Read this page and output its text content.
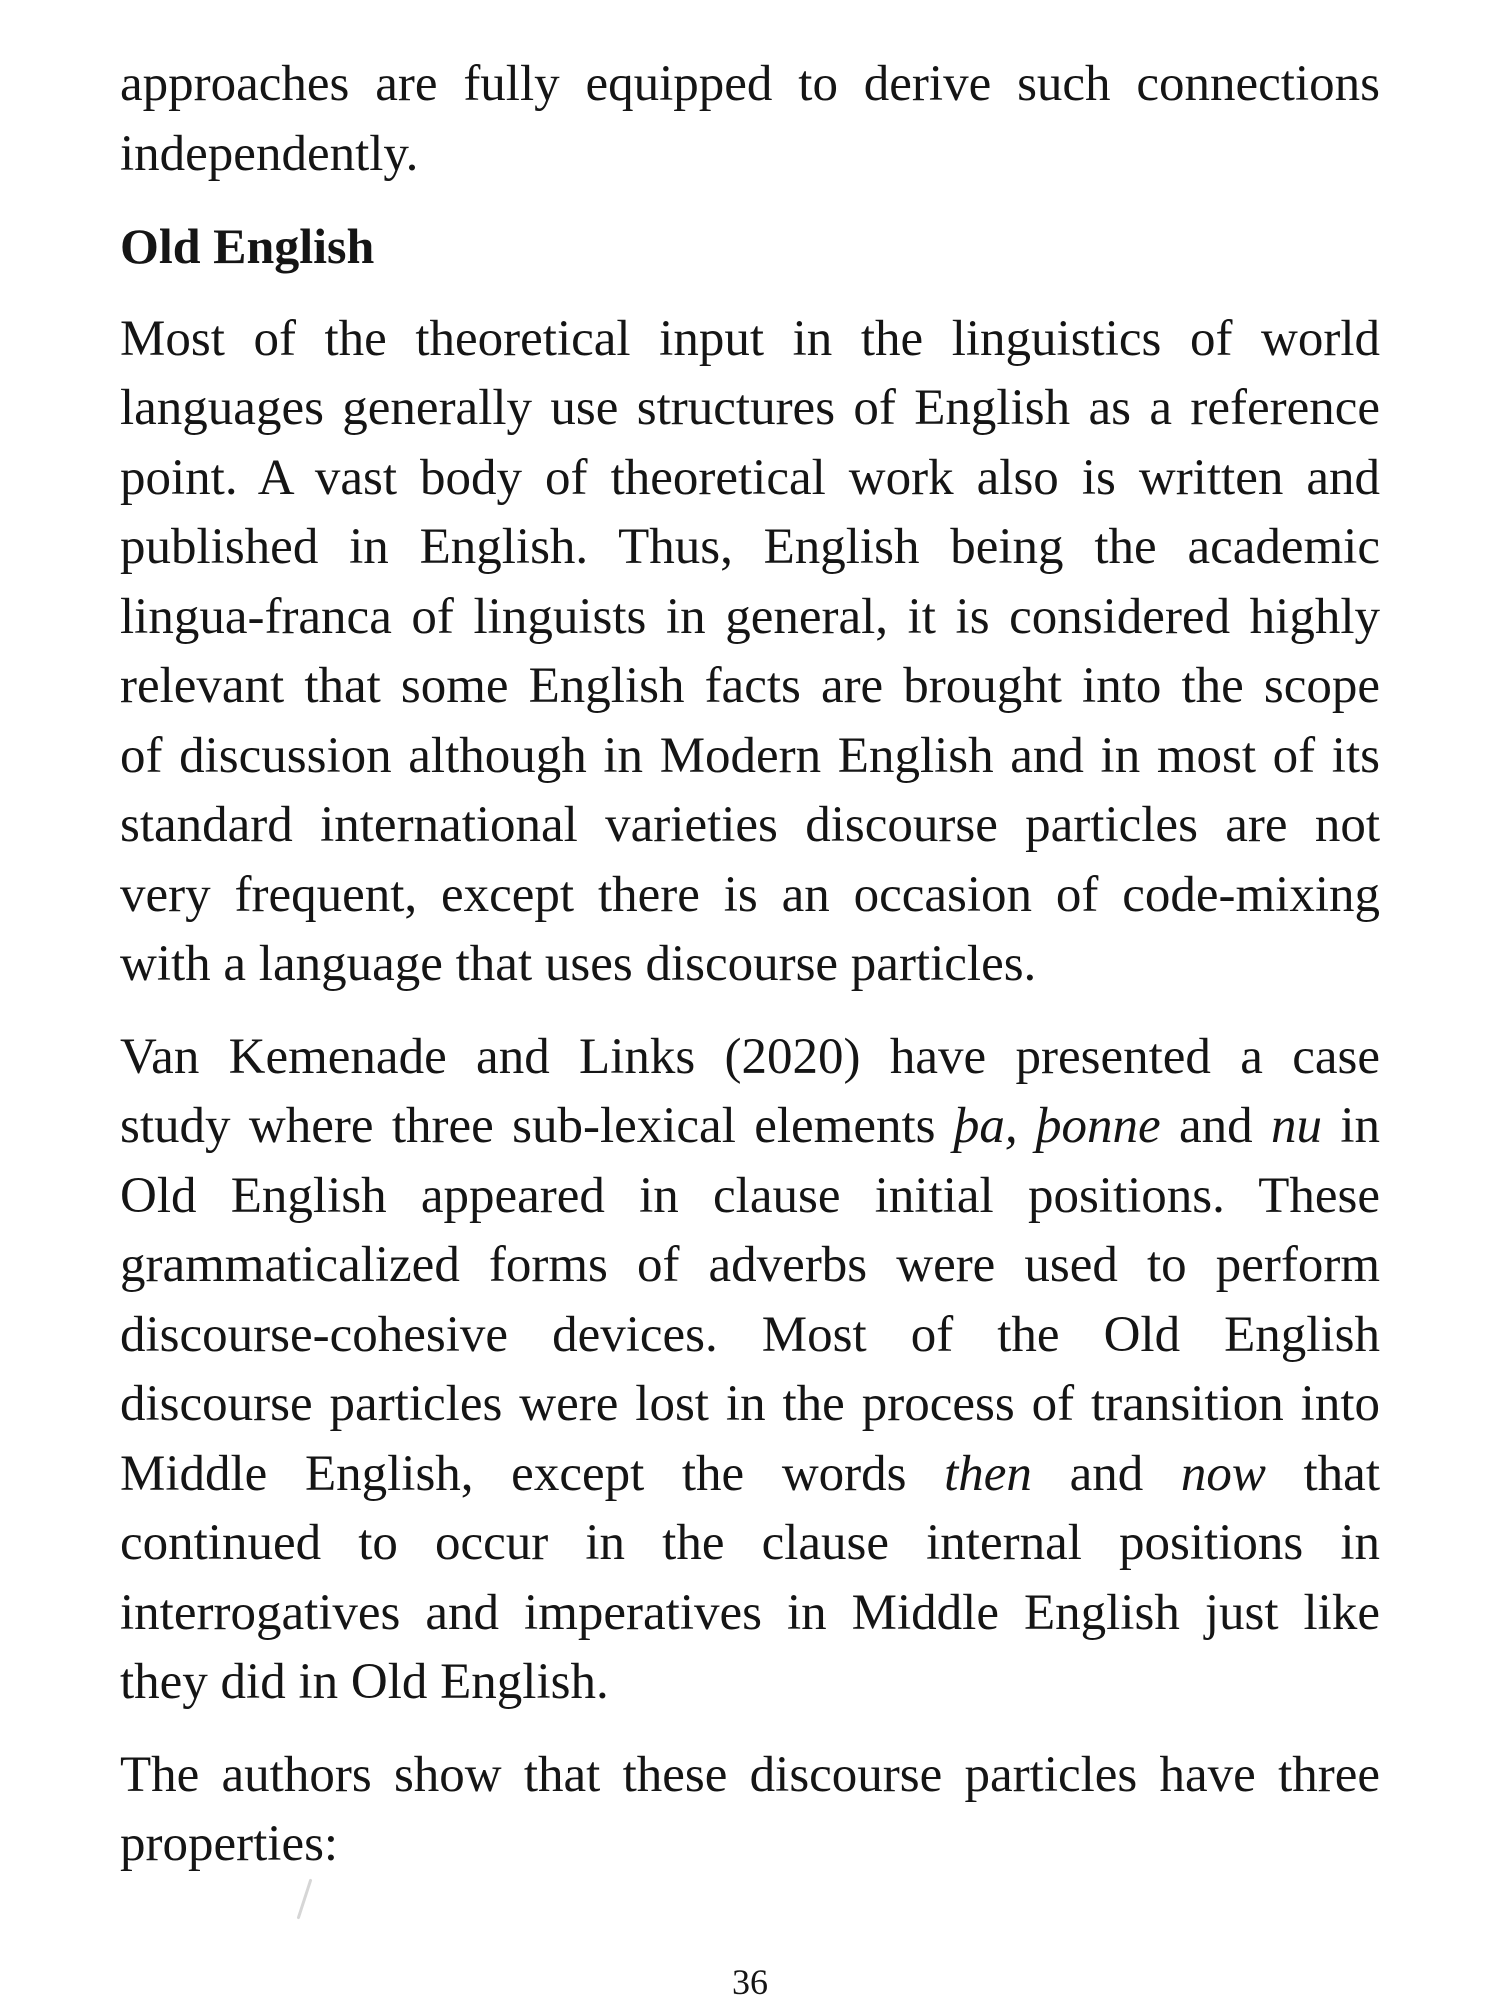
approaches are fully equipped to derive such connections
independently.
Old English
Most of the theoretical input in the linguistics of world
languages generally use structures of English as a reference
point. A vast body of theoretical work also is written and
published in English. Thus, English being the academic
lingua-franca of linguists in general, it is considered highly
relevant that some English facts are brought into the scope
of discussion although in Modern English and in most of its
standard international varieties discourse particles are not
very frequent, except there is an occasion of code-mixing
with a language that uses discourse particles.
Van Kemenade and Links (2020) have presented a case
study where three sub-lexical elements þa, þonne and nu in
Old English appeared in clause initial positions. These
grammaticalized forms of adverbs were used to perform
discourse-cohesive devices. Most of the Old English
discourse particles were lost in the process of transition into
Middle English, except the words then and now that
continued to occur in the clause internal positions in
interrogatives and imperatives in Middle English just like
they did in Old English.
The authors show that these discourse particles have three
properties:
36
